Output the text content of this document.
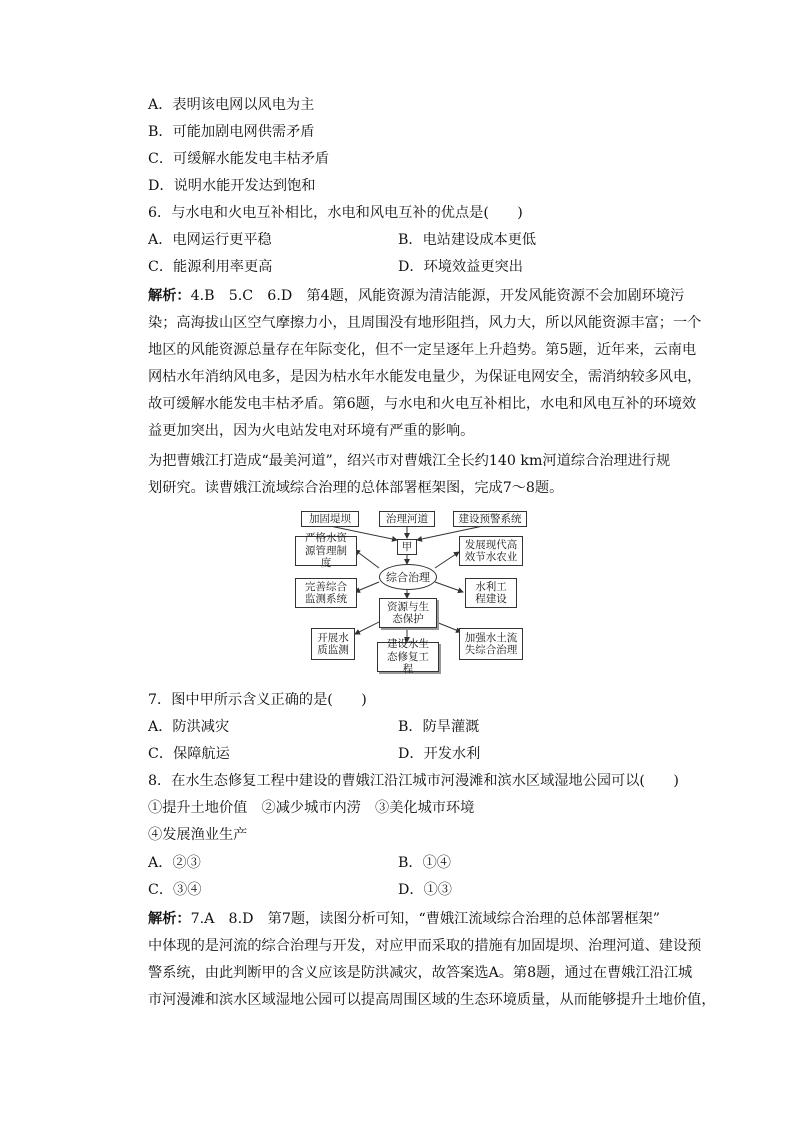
A．表明该电网以风电为主
B．可能加剧电网供需矛盾
C．可缓解水能发电丰枯矛盾
D．说明水能开发达到饱和
6．与水电和火电互补相比，水电和风电互补的优点是(　　)
A．电网运行更平稳	B．电站建设成本更低
C．能源利用率更高	D．环境效益更突出
解析：4.B　5.C　6.D　第4题，风能资源为清洁能源，开发风能资源不会加剧环境污
染；高海拔山区空气摩擦力小，且周围没有地形阻挡，风力大，所以风能资源丰富；一个
地区的风能资源总量存在年际变化，但不一定呈逐年上升趋势。第5题，近年来，云南电
网枯水年消纳风电多，是因为枯水年水能发电量少，为保证电网安全，需消纳较多风电，
故可缓解水能发电丰枯矛盾。第6题，与水电和火电互补相比，水电和风电互补的环境效
益更加突出，因为火电站发电对环境有严重的影响。
为把曹娥江打造成“最美河道”，绍兴市对曹娥江全长约140 km河道综合治理进行规
划研究。读曹娥江流域综合治理的总体部署框架图，完成7～8题。
加固堤坝	治理河道	建设预警系统
甲
严格水资源管理制度
发展现代高效节水农业
综合治理
完善综合监测系统
水利工程建设
资源与生态保护
开展水质监测	建设水生态修复工程
加强水土流失综合治理
7．图中甲所示含义正确的是(　　)
A．防洪减灾	B．防旱灌溉
C．保障航运	D．开发水利
8．在水生态修复工程中建设的曹娥江沿江城市河漫滩和滨水区域湿地公园可以(　　)
①提升土地价值　②减少城市内涝　③美化城市环境
④发展渔业生产
A．②③	B．①④
C．③④	D．①③
解析：7.A　8.D　第7题，读图分析可知，“曹娥江流域综合治理的总体部署框架”
中体现的是河流的综合治理与开发，对应甲而采取的措施有加固堤坝、治理河道、建设预
警系统，由此判断甲的含义应该是防洪减灾，故答案选A。第8题，通过在曹娥江沿江城
市河漫滩和滨水区域湿地公园可以提高周围区域的生态环境质量，从而能够提升土地价值，
